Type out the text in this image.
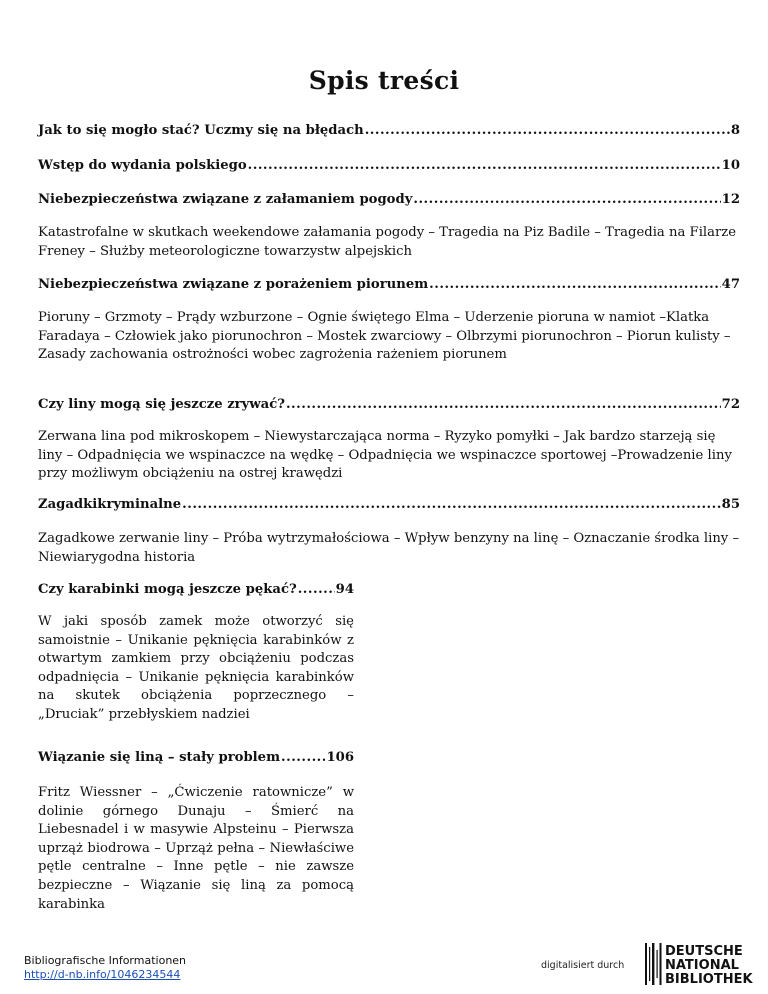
Spis treści
Jak to się mogło stać? Uczmy się na błędach .....	8
Wstęp do wydania polskiego .....	10
Niebezpieczeństwa związane z załamaniem pogody .....	12
Katastrofalne w skutkach weekendowe załamania pogody – Tragedia na Piz Badile – Tragedia na Filarze Freney – Służby meteorologiczne towarzystw alpejskich
Niebezpieczeństwa związane z porażeniem piorunem .....	47
Pioruny – Grzmoty – Prądy wzburzone – Ognie świętego Elma – Uderzenie pioruna w namiot –Klatka Faradaya – Człowiek jako piorunochron – Mostek zwarciowy – Olbrzymi piorunochron – Piorun kulisty – Zasady zachowania ostrożności wobec zagrożenia rażeniem piorunem
Czy liny mogą się jeszcze zrywać? .....	72
Zerwana lina pod mikroskopem – Niewystarczająca norma – Ryzyko pomyłki – Jak bardzo starzeją się liny – Odpadnięcia we wspinaczce na wędkę – Odpadnięcia we wspinaczce sportowej –Prowadzenie liny przy możliwym obciążeniu na ostrej krawędzi
Zagadkikryminalne .....	85
Zagadkowe zerwanie liny – Próba wytrzymałościowa – Wpływ benzyny na linę – Oznaczanie środka liny – Niewiarygodna historia
Czy karabinki mogą jeszcze pękać? .....	94
W jaki sposób zamek może otworzyć się samoistnie – Unikanie pęknięcia karabinków z otwartym zamkiem przy obciążeniu podczas odpadnięcia – Unikanie pęknięcia karabinków na skutek obciążenia poprzecznego – „Druciak” przebłyskiem nadziei
Wiązanie się liną – stały problem .....	106
Fritz Wiessner – „Ćwiczenie ratownicze” w dolinie górnego Dunaju – Śmierć na Liebesnadel i w masywie Alpsteinu – Pierwsza uprząż biodrowa – Uprząż pełna – Niewłaściwe pętle centralne – Inne pętle – nie zawsze bezpieczne – Wiązanie się liną za pomocą karabinka
Bibliografische Informationen
http://d-nb.info/1046234544
digitalisiert durch
DEUTSCHE
NATIONAL
BIBLIOTHEK
